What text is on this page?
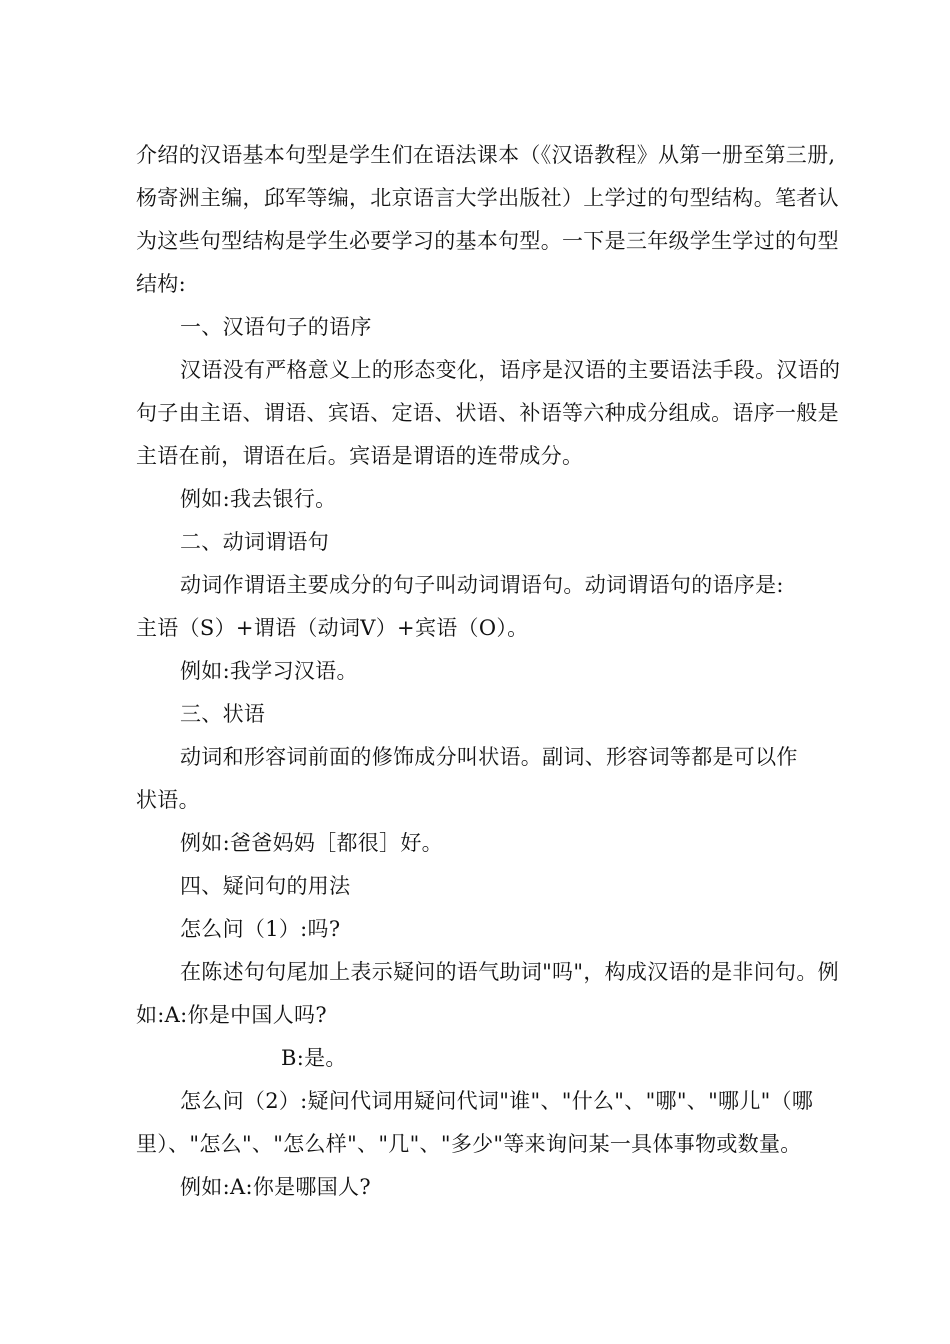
介绍的汉语基本句型是学生们在语法课本（《汉语教程》从第一册至第三册,
杨寄洲主编，邱军等编，北京语言大学出版社）上学过的句型结构。笔者认
为这些句型结构是学生必要学习的基本句型。一下是三年级学生学过的句型
结构:
一、汉语句子的语序
汉语没有严格意义上的形态变化，语序是汉语的主要语法手段。汉语的
句子由主语、谓语、宾语、定语、状语、补语等六种成分组成。语序一般是
主语在前，谓语在后。宾语是谓语的连带成分。
例如:我去银行。
二、动词谓语句
动词作谓语主要成分的句子叫动词谓语句。动词谓语句的语序是:
主语（S）+谓语（动词V）+宾语（O）。
例如:我学习汉语。
三、状语
动词和形容词前面的修饰成分叫状语。副词、形容词等都是可以作
状语。
例如:爸爸妈妈［都很］好。
四、疑问句的用法
怎么问（1）:吗?
在陈述句句尾加上表示疑问的语气助词"吗"，构成汉语的是非问句。例
如:A:你是中国人吗?
B:是。
怎么问（2）:疑问代词用疑问代词"谁"、"什么"、"哪"、"哪儿"（哪
里）、"怎么"、"怎么样"、"几"、"多少"等来询问某一具体事物或数量。
例如:A:你是哪国人?
